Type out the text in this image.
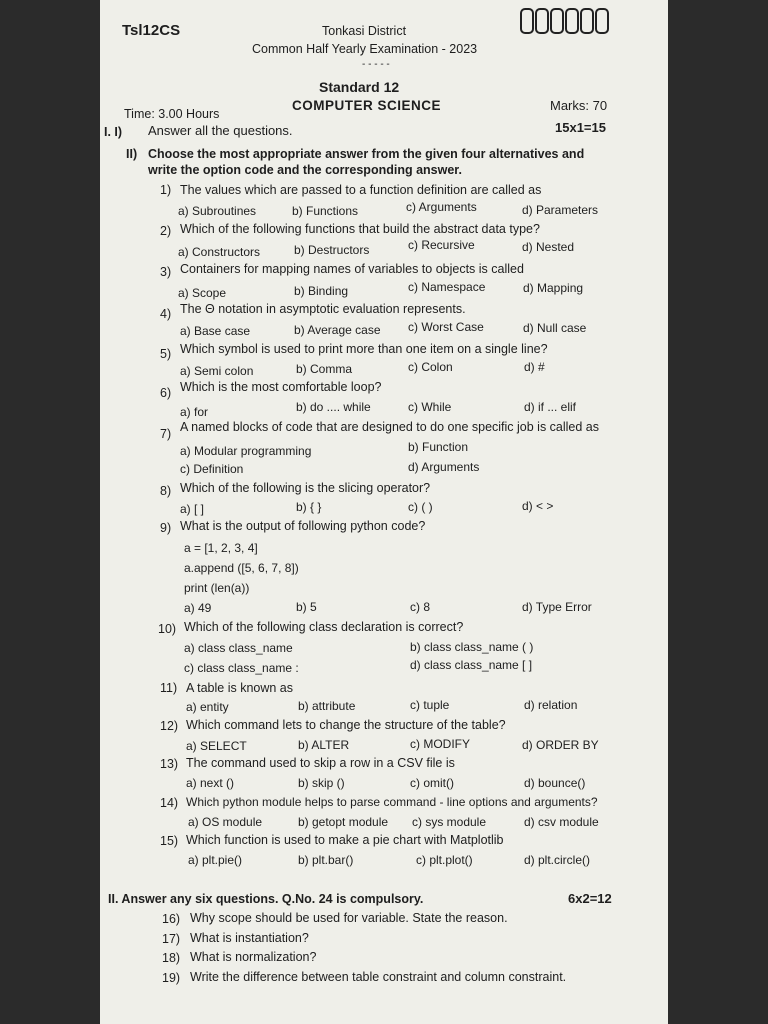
Tsl12CS	Tonkasi District
Common Half Yearly Examination - 2023
- - - - -
Standard 12
COMPUTER SCIENCE
Time: 3.00 Hours
Marks: 70
I. I) Answer all the questions.	15x1=15
II) Choose the most appropriate answer from the given four alternatives and
write the option code and the corresponding answer.
1) The values which are passed to a function definition are called as
a) Subroutines	b) Functions	c) Arguments	d) Parameters
2) Which of the following functions that build the abstract data type?
a) Constructors	b) Destructors	c) Recursive	d) Nested
3) Containers for mapping names of variables to objects is called
a) Scope	b) Binding	c) Namespace	d) Mapping
4) The Θ notation in asymptotic evaluation represents.
a) Base case	b) Average case c) Worst Case	d) Null case
5) Which symbol is used to print more than one item on a single line?
a) Semi colon	b) Comma	c) Colon	d) #
6) Which is the most comfortable loop?
a) for	b) do .... while	c) While	d) if ... elif
7) A named blocks of code that are designed to do one specific job is called as
a) Modular programming	b) Function
c) Definition	d) Arguments
8) Which of the following is the slicing operator?
a) [ ]	b) { }	c) ( )	d) < >
9) What is the output of following python code?
a = [1, 2, 3, 4]
a.append ([5, 6, 7, 8])
print (len(a))
a) 49	b) 5	c) 8	d) Type Error
10) Which of the following class declaration is correct?
a) class class_name	b) class class_name ( )
c) class class_name :	d) class class_name [ ]
11) A table is known as
a) entity	b) attribute	c) tuple	d) relation
12) Which command lets to change the structure of the table?
a) SELECT	b) ALTER	c) MODIFY	d) ORDER BY
13) The command used to skip a row in a CSV file is
a) next ()	b) skip ()	c) omit()	d) bounce()
14) Which python module helps to parse command - line options and arguments?
a) OS module	b) getopt module c) sys module	d) csv module
15) Which function is used to make a pie chart with Matplotlib
a) plt.pie()	b) plt.bar()	c) plt.plot()	d) plt.circle()
II. Answer any six questions. Q.No. 24 is compulsory.	6x2=12
16) Why scope should be used for variable. State the reason.
17) What is instantiation?
18) What is normalization?
19) Write the difference between table constraint and column constraint.
